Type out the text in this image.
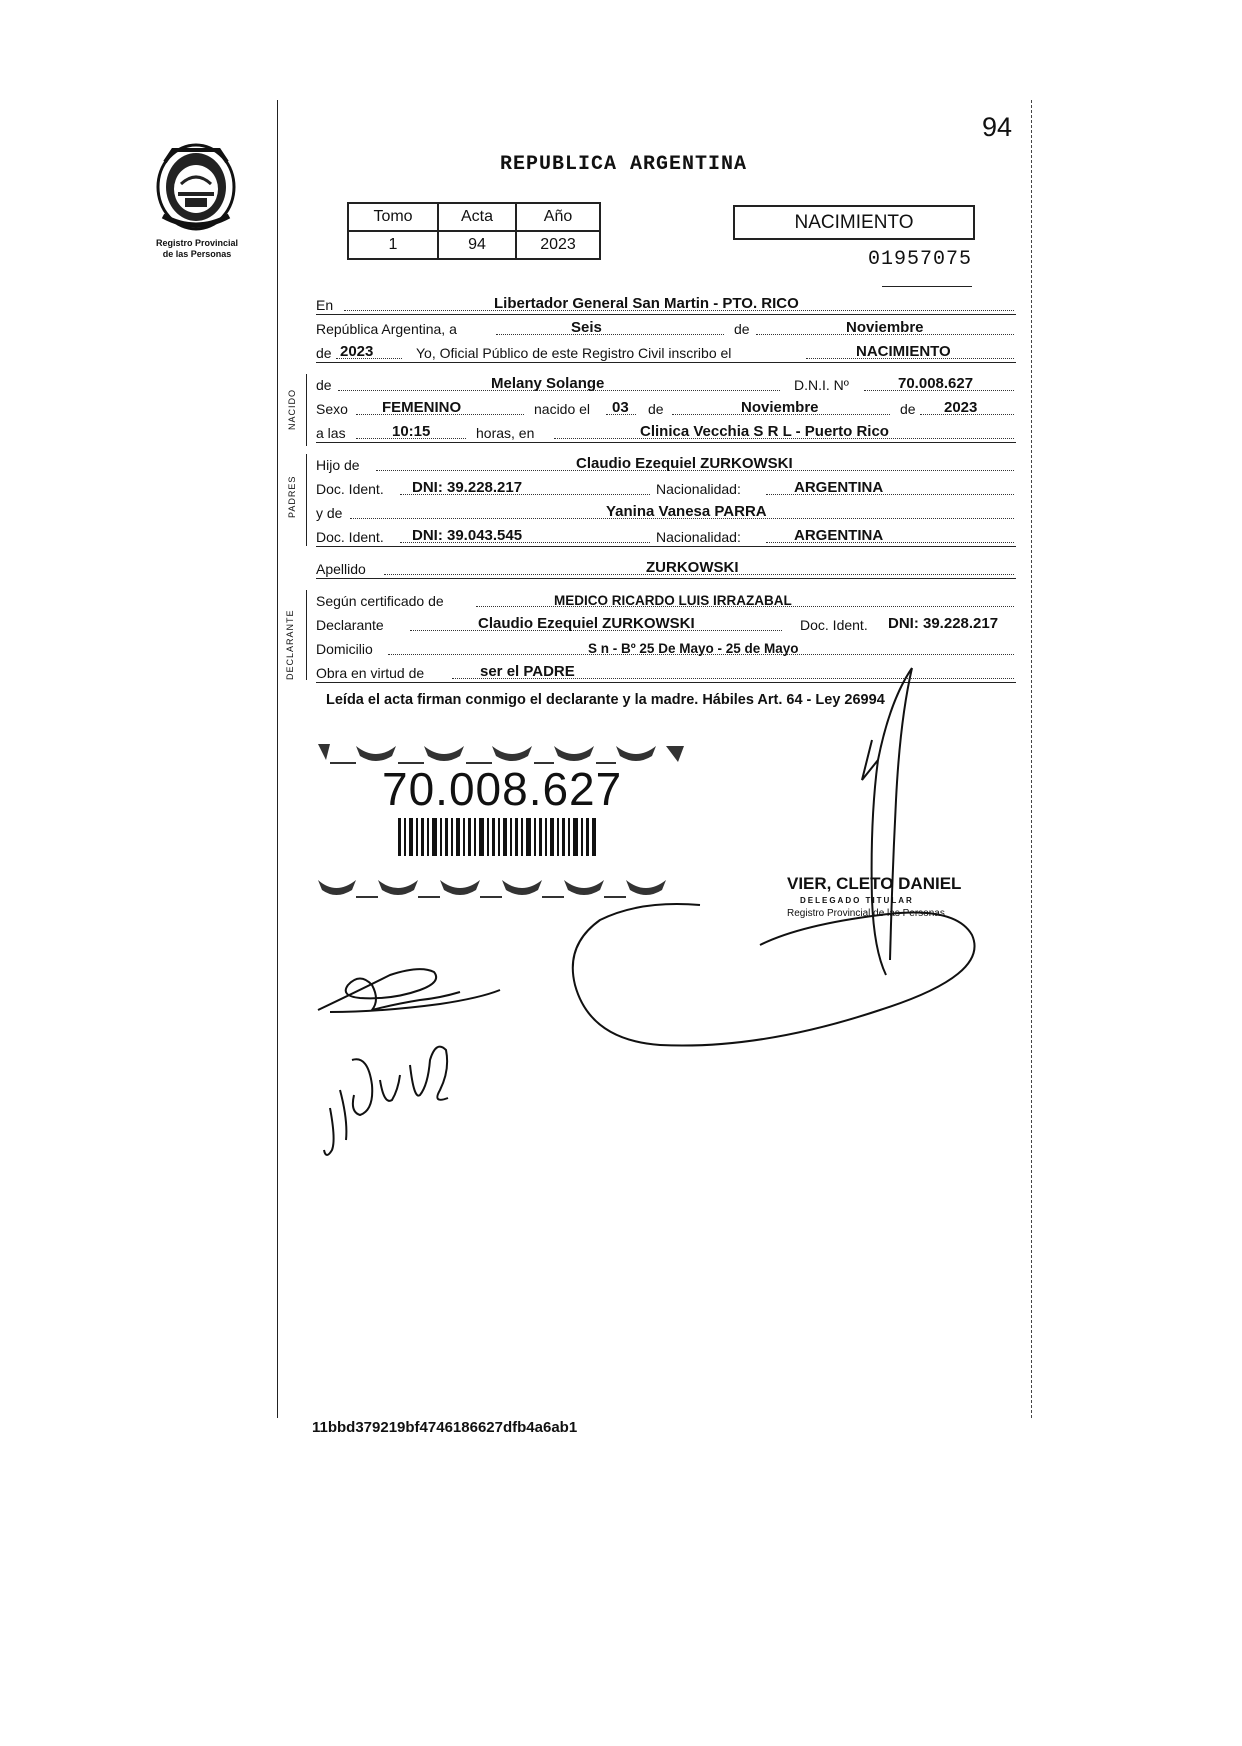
Registro Provincial
de las Personas
94
REPUBLICA ARGENTINA
Tomo	Acta	Año
1	94	2023
NACIMIENTO
01957075
En	Libertador General San Martin - PTO. RICO
República Argentina, a	Seis	de	Noviembre
de 2023	Yo, Oficial Público de este Registro Civil inscribo el	NACIMIENTO
NACIDO
de	Melany Solange	D.N.I. Nº	70.008.627
Sexo FEMENINO	nacido el 03 de	Noviembre	de 2023
a las	10:15	horas, en	Clinica Vecchia S R L - Puerto Rico
PADRES
Hijo de	Claudio Ezequiel ZURKOWSKI
Doc. Ident. DNI: 39.228.217	Nacionalidad:	ARGENTINA
y de	Yanina Vanesa PARRA
Doc. Ident. DNI: 39.043.545	Nacionalidad:	ARGENTINA
Apellido	ZURKOWSKI
DECLARANTE
Según certificado de	MEDICO RICARDO LUIS IRRAZABAL
Declarante	Claudio Ezequiel ZURKOWSKI	Doc. Ident. DNI: 39.228.217
Domicilio	S n - Bº 25 De Mayo - 25 de Mayo
Obra en virtud de	ser el PADRE
Leída el acta firman conmigo el declarante y la madre. Hábiles Art. 64 - Ley 26994
70.008.627
VIER, CLETO DANIEL
DELEGADO TITULAR
Registro Provincial de las Personas
11bbd379219bf4746186627dfb4a6ab1
